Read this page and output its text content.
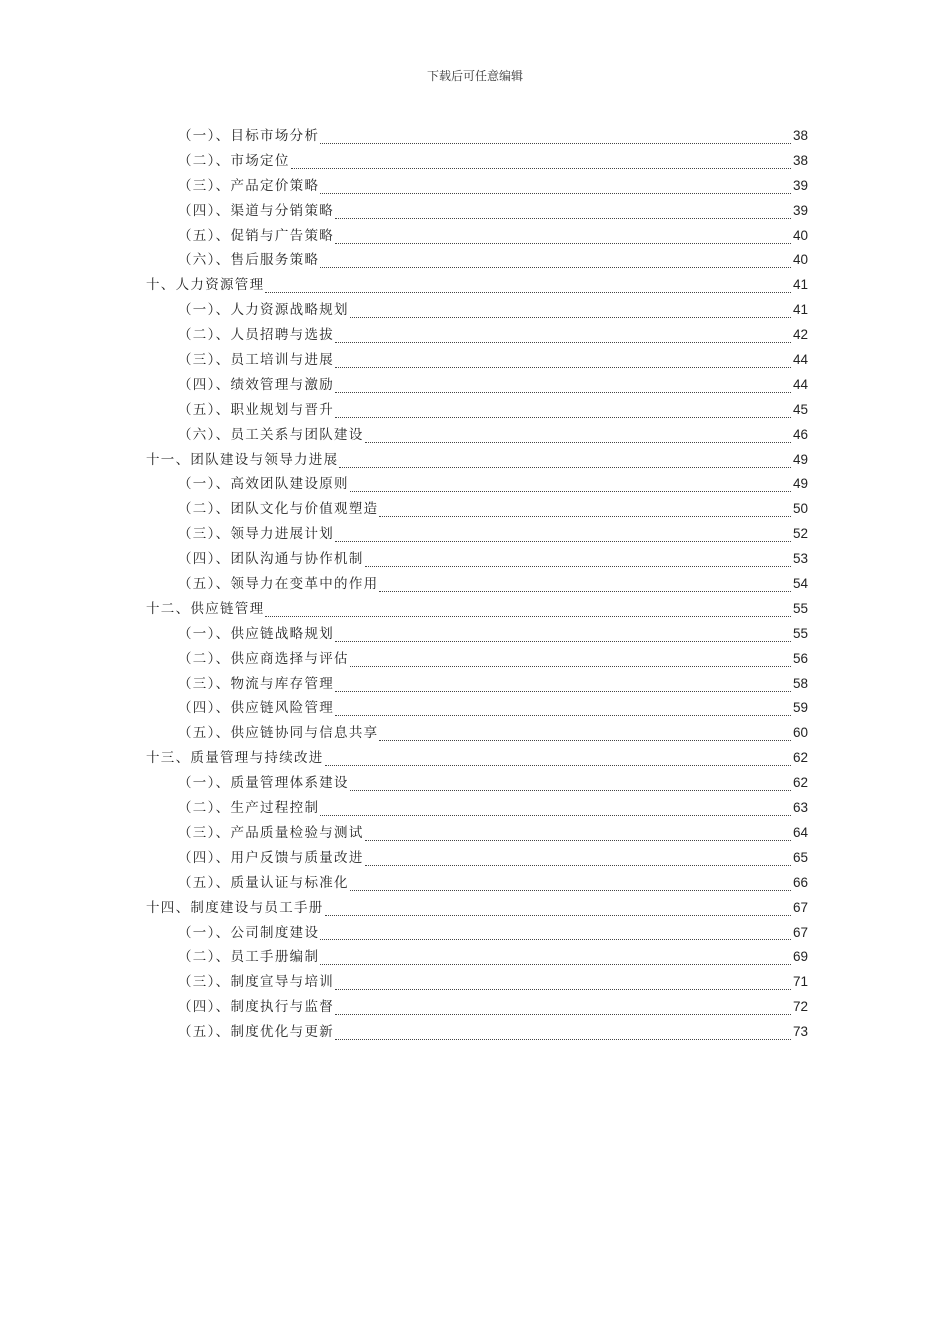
下载后可任意编辑
（一）、目标市场分析	38
（二）、市场定位	38
（三）、产品定价策略	39
（四）、渠道与分销策略	39
（五）、促销与广告策略	40
（六）、售后服务策略	40
十、人力资源管理	41
（一）、人力资源战略规划	41
（二）、人员招聘与选拔	42
（三）、员工培训与进展	44
（四）、绩效管理与激励	44
（五）、职业规划与晋升	45
（六）、员工关系与团队建设	46
十一、团队建设与领导力进展	49
（一）、高效团队建设原则	49
（二）、团队文化与价值观塑造	50
（三）、领导力进展计划	52
（四）、团队沟通与协作机制	53
（五）、领导力在变革中的作用	54
十二、供应链管理	55
（一）、供应链战略规划	55
（二）、供应商选择与评估	56
（三）、物流与库存管理	58
（四）、供应链风险管理	59
（五）、供应链协同与信息共享	60
十三、质量管理与持续改进	62
（一）、质量管理体系建设	62
（二）、生产过程控制	63
（三）、产品质量检验与测试	64
（四）、用户反馈与质量改进	65
（五）、质量认证与标准化	66
十四、制度建设与员工手册	67
（一）、公司制度建设	67
（二）、员工手册编制	69
（三）、制度宣导与培训	71
（四）、制度执行与监督	72
（五）、制度优化与更新	73
